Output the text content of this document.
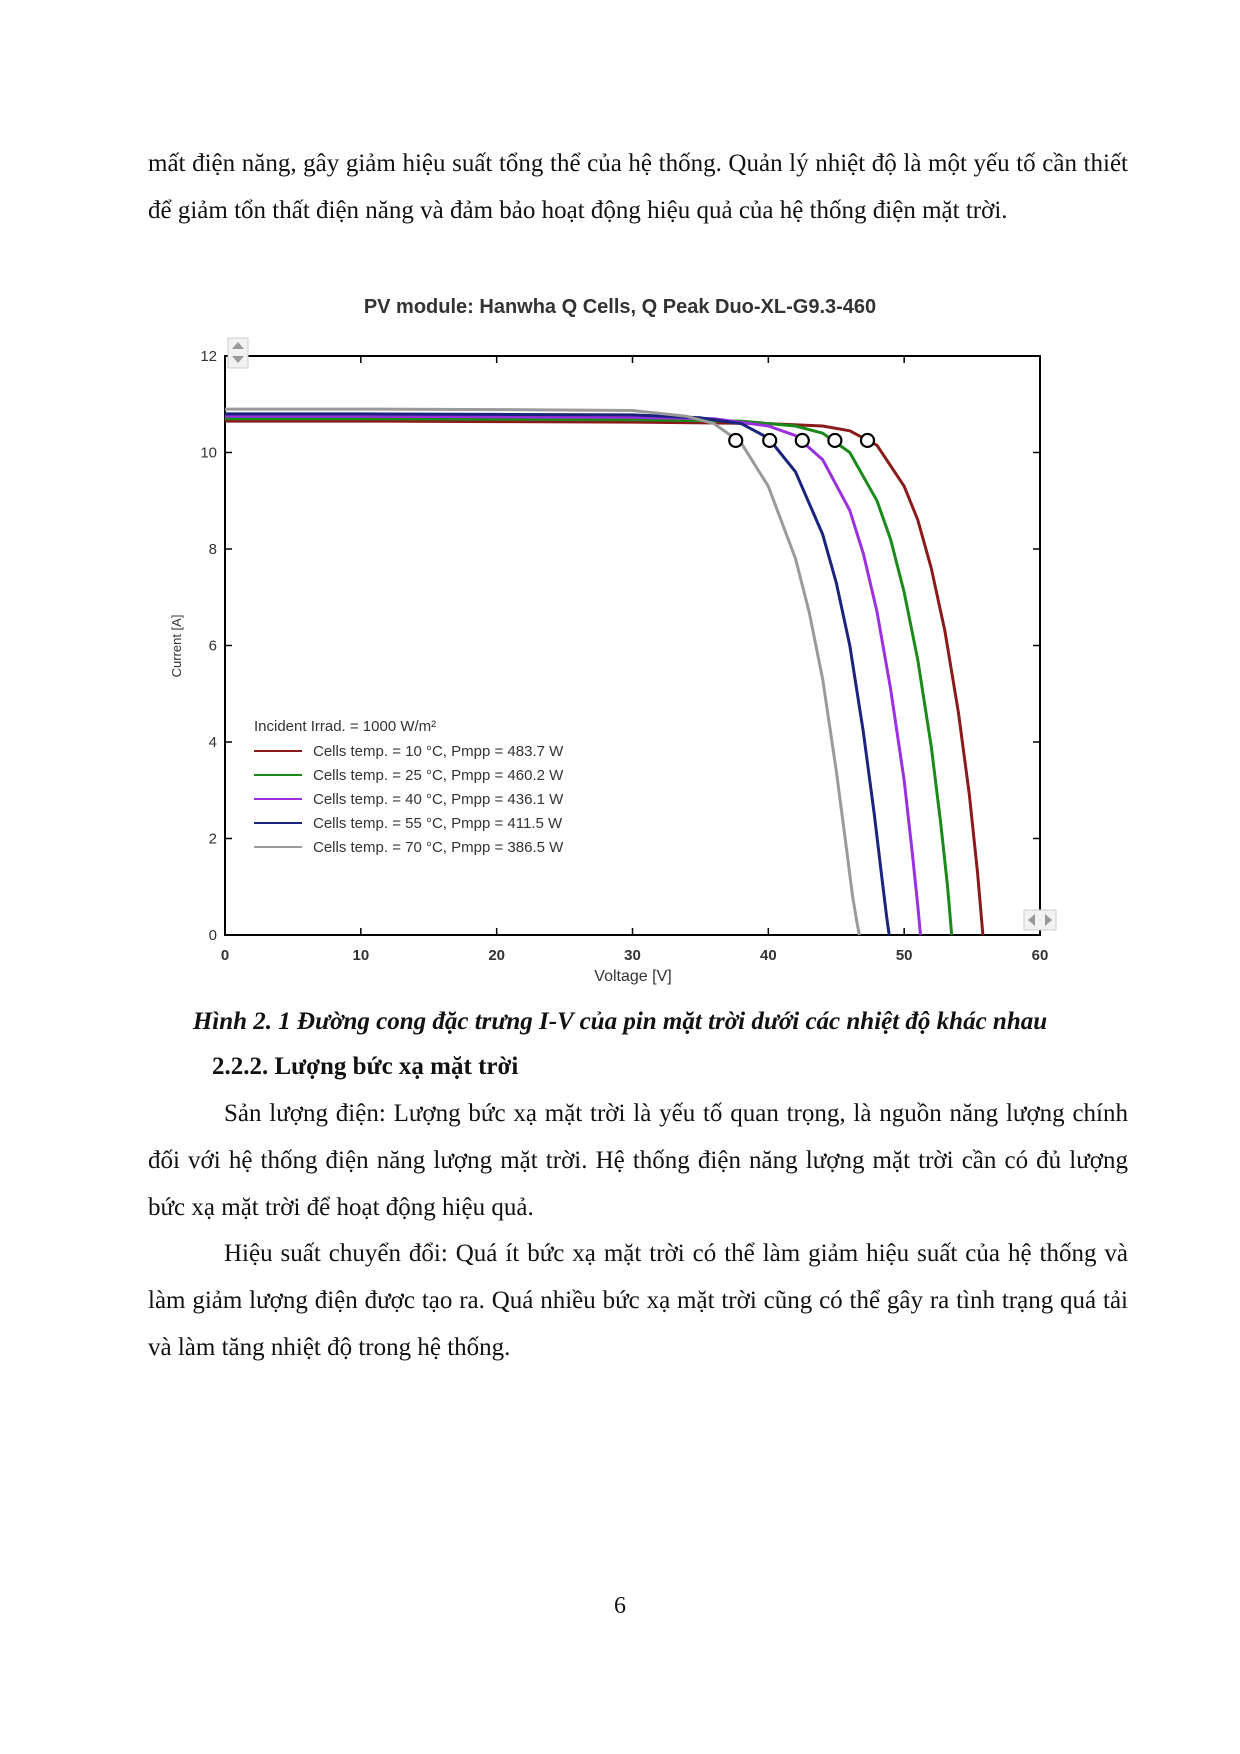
mất điện năng, gây giảm hiệu suất tổng thể của hệ thống. Quản lý nhiệt độ là một yếu tố cần thiết để giảm tổn thất điện năng và đảm bảo hoạt động hiệu quả của hệ thống điện mặt trời.

PV module: Hanwha Q Cells, Q Peak Duo-XL-G9.3-460

0	10	20	30	40	50	60
0
2
4
6
8
10
12
Incident Irrad. = 1000 W/m²
Cells temp. = 10 °C, Pmpp = 483.7 W
Cells temp. = 25 °C, Pmpp = 460.2 W
Cells temp. = 40 °C, Pmpp = 436.1 W
Cells temp. = 55 °C, Pmpp = 411.5 W
Cells temp. = 70 °C, Pmpp = 386.5 W
Voltage [V]
Current [A]

Hình 2. 1 Đường cong đặc trưng I-V của pin mặt trời dưới các nhiệt độ khác nhau

2.2.2. Lượng bức xạ mặt trời

Sản lượng điện: Lượng bức xạ mặt trời là yếu tố quan trọng, là nguồn năng lượng chính đối với hệ thống điện năng lượng mặt trời. Hệ thống điện năng lượng mặt trời cần có đủ lượng bức xạ mặt trời để hoạt động hiệu quả.

Hiệu suất chuyển đổi: Quá ít bức xạ mặt trời có thể làm giảm hiệu suất của hệ thống và làm giảm lượng điện được tạo ra. Quá nhiều bức xạ mặt trời cũng có thể gây ra tình trạng quá tải và làm tăng nhiệt độ trong hệ thống.

6
